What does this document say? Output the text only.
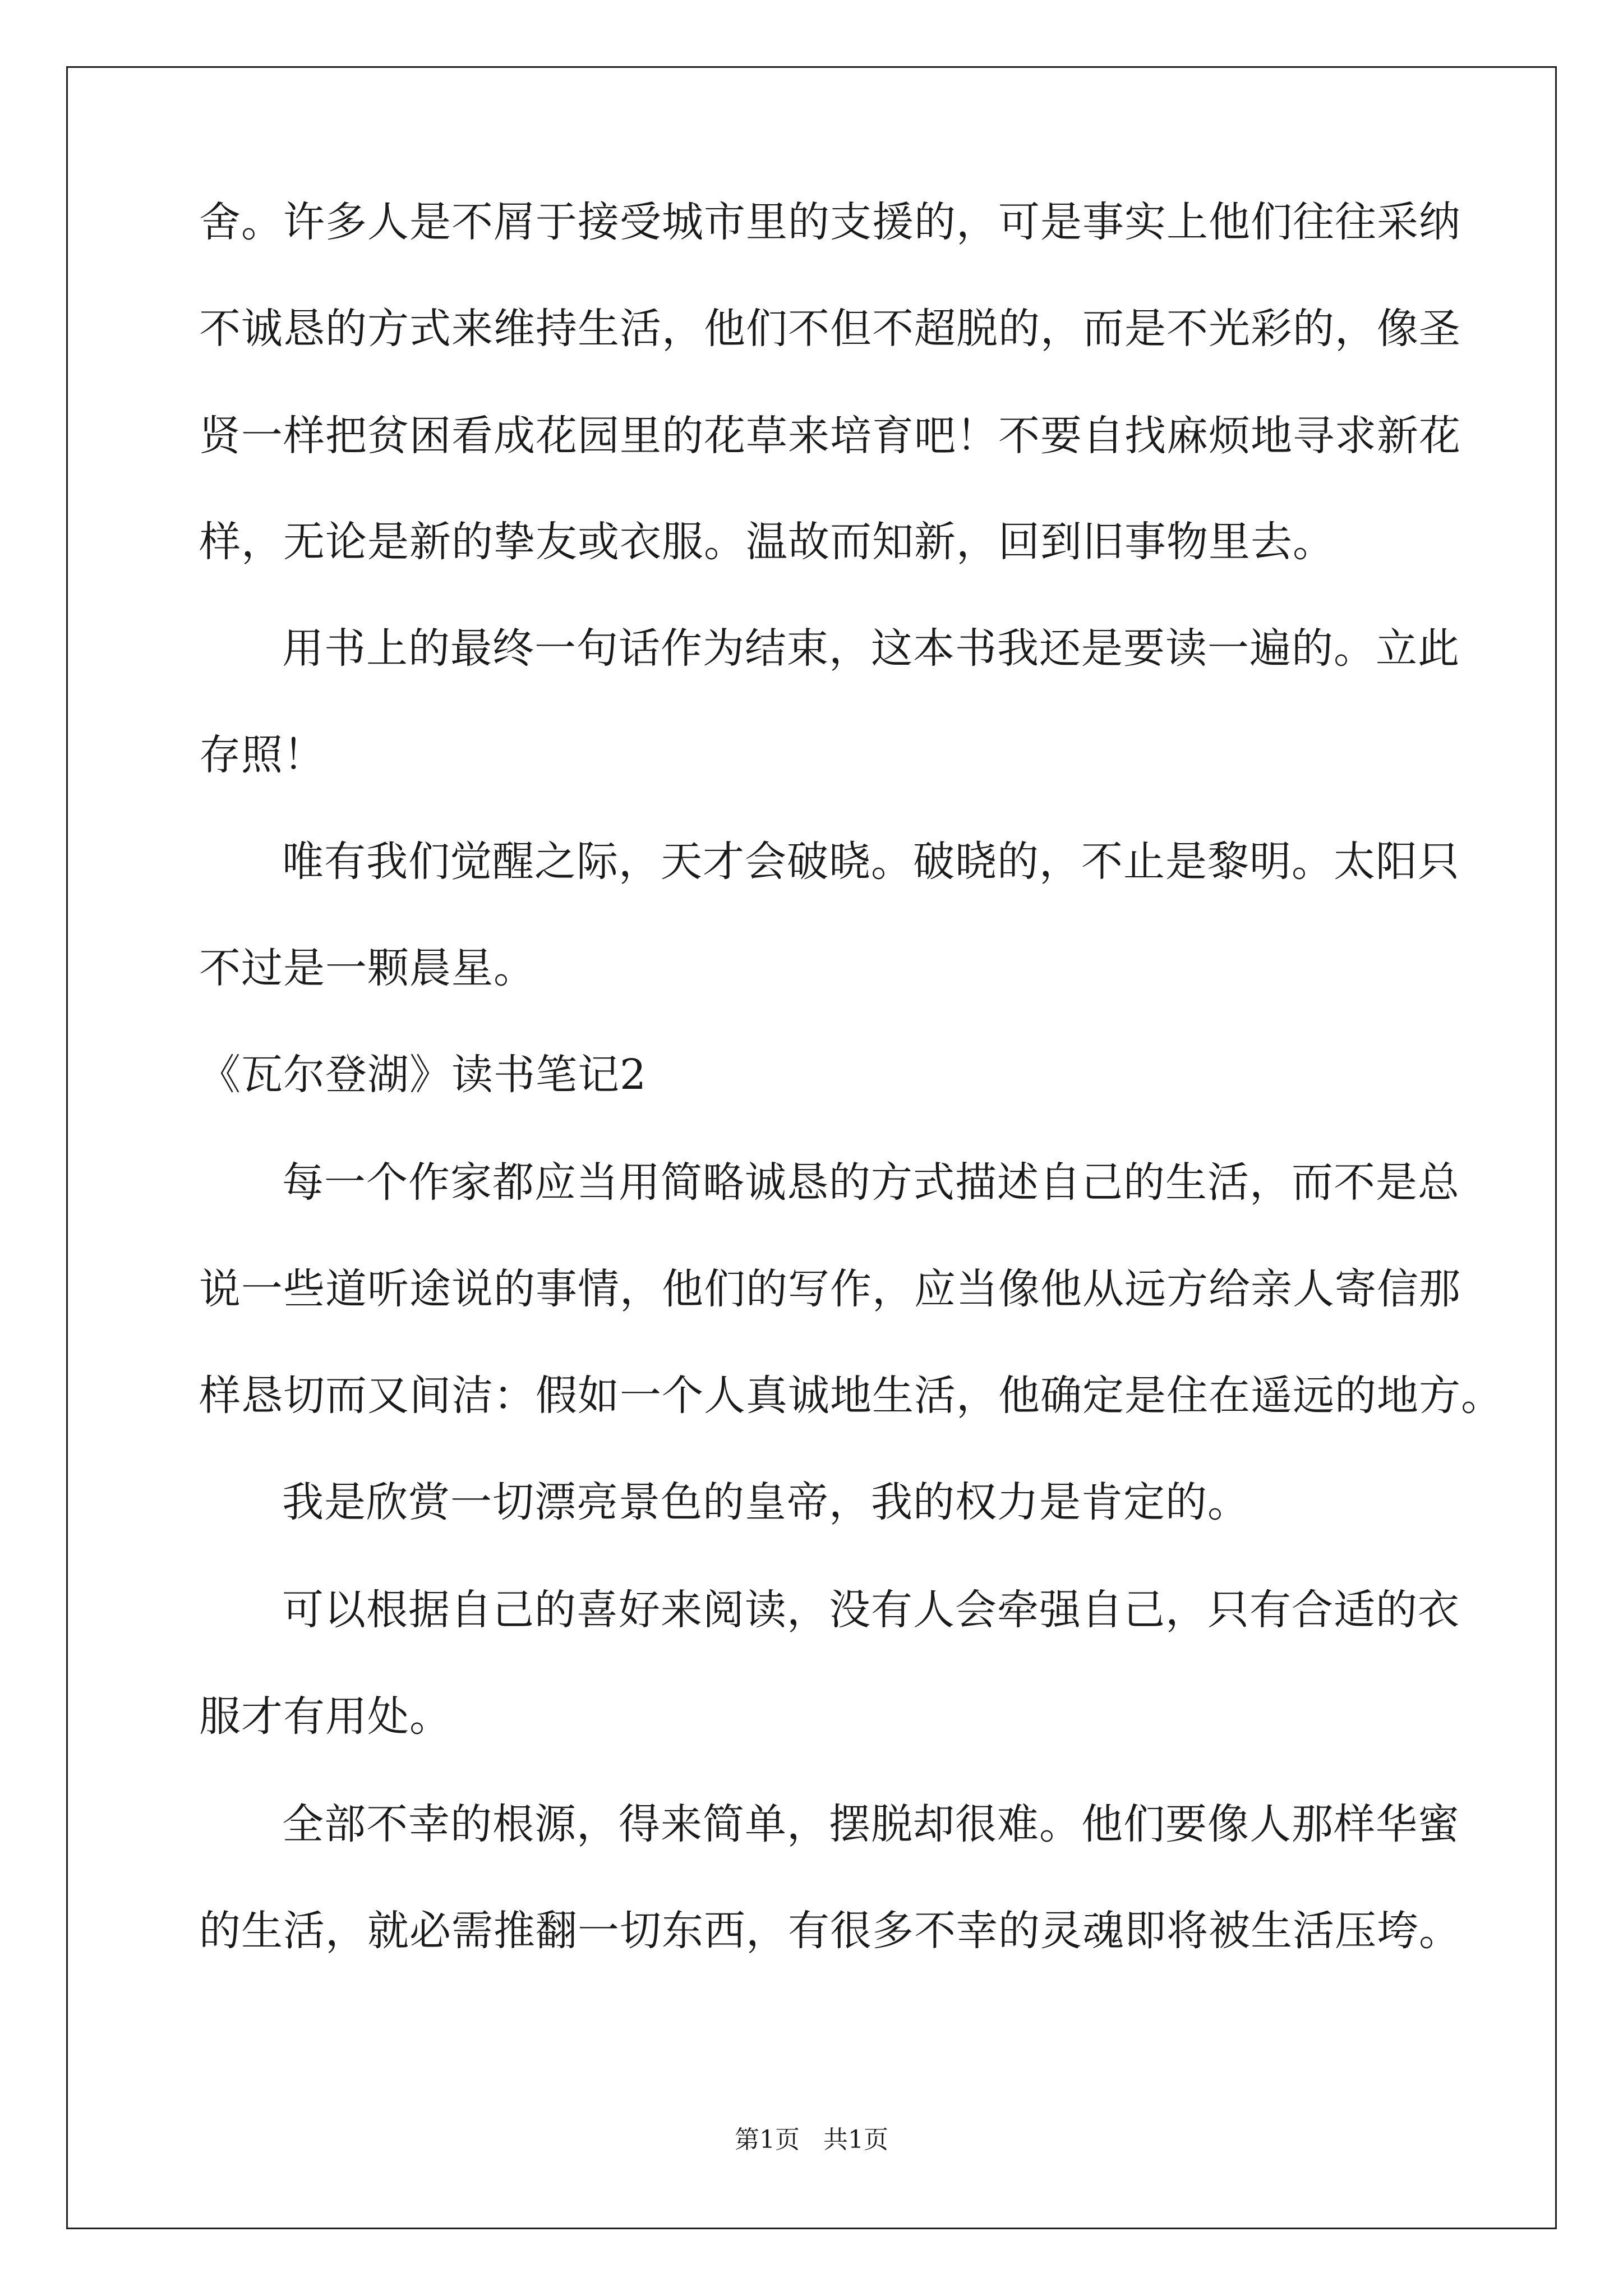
舍。许多人是不屑于接受城市里的支援的，可是事实上他们往往采纳
不诚恳的方式来维持生活，他们不但不超脱的，而是不光彩的，像圣
贤一样把贫困看成花园里的花草来培育吧！不要自找麻烦地寻求新花
样，无论是新的挚友或衣服。温故而知新，回到旧事物里去。
用书上的最终一句话作为结束，这本书我还是要读一遍的。立此
存照！
唯有我们觉醒之际，天才会破晓。破晓的，不止是黎明。太阳只
不过是一颗晨星。
《瓦尔登湖》读书笔记2
每一个作家都应当用简略诚恳的方式描述自己的生活，而不是总
说一些道听途说的事情，他们的写作，应当像他从远方给亲人寄信那
样恳切而又间洁：假如一个人真诚地生活，他确定是住在遥远的地方。
我是欣赏一切漂亮景色的皇帝，我的权力是肯定的。
可以根据自己的喜好来阅读，没有人会牵强自己，只有合适的衣
服才有用处。
全部不幸的根源，得来简单，摆脱却很难。他们要像人那样华蜜
的生活，就必需推翻一切东西，有很多不幸的灵魂即将被生活压垮。
第1页   共1页
